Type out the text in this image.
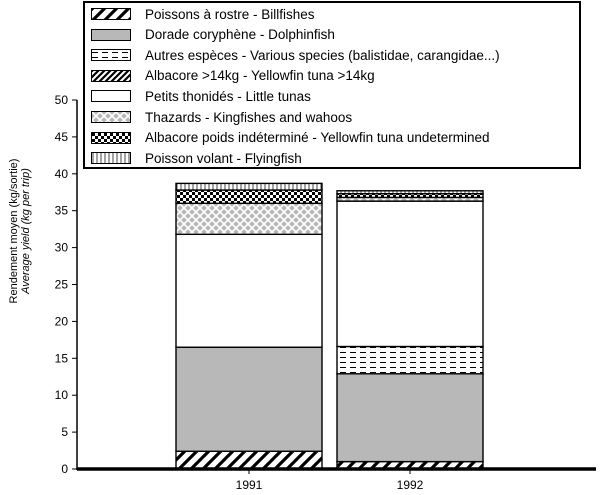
0
5
10
15
20
25
30
35
40
45
50
1991	1992
Rendement moyen (kg/sortie) Average yield (kg per trip)
Poissons à rostre - Billfishes
Dorade coryphène - Dolphinfish
Autres espèces - Various species (balistidae, carangidae...)
Albacore >14kg - Yellowfin tuna >14kg
Petits thonidés - Little tunas
Thazards - Kingfishes and wahoos
Albacore poids indéterminé - Yellowfin tuna undetermined
Poisson volant - Flyingfish
